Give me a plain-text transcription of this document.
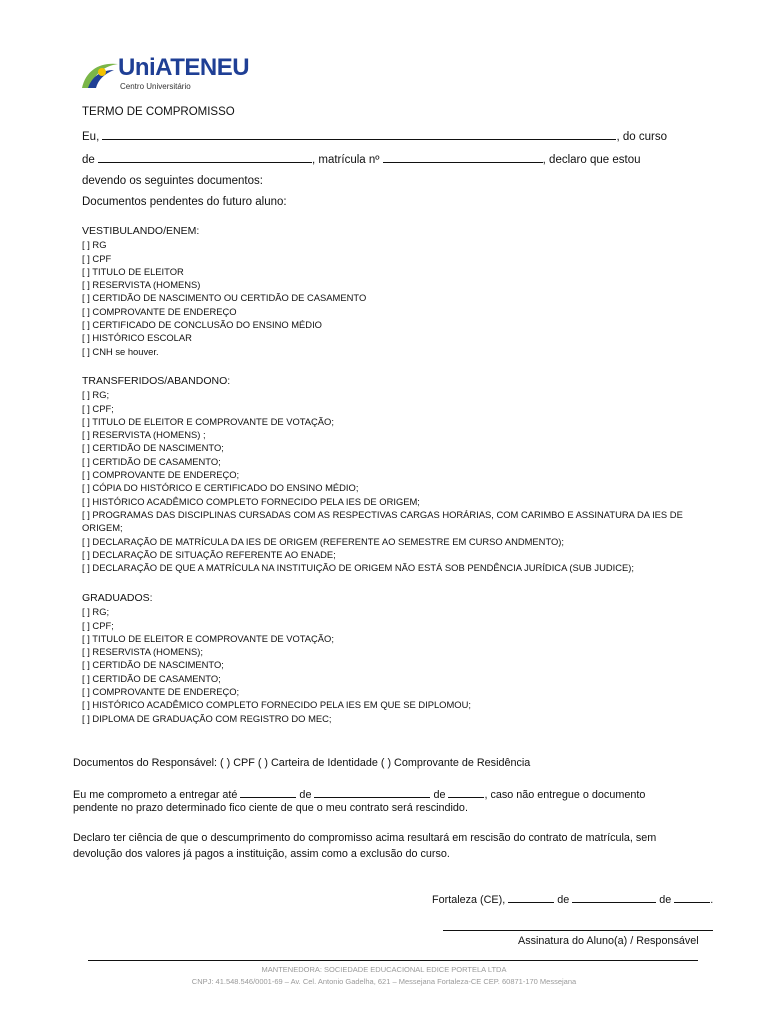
UniATENEU
Centro Universitário
TERMO DE COMPROMISSO
Eu,	, do curso
de	, matrícula nº	, declaro que estou
devendo os seguintes documentos:
Documentos pendentes do futuro aluno:
VESTIBULANDO/ENEM:
[ ] RG
[ ] CPF
[ ] TITULO DE ELEITOR
[ ] RESERVISTA (HOMENS)
[ ] CERTIDÃO DE NASCIMENTO OU CERTIDÃO DE CASAMENTO
[ ] COMPROVANTE DE ENDEREÇO
[ ] CERTIFICADO DE CONCLUSÃO DO ENSINO MÉDIO
[ ] HISTÓRICO ESCOLAR
[ ] CNH se houver.
TRANSFERIDOS/ABANDONO:
[ ] RG;
[ ] CPF;
[ ] TITULO DE ELEITOR E COMPROVANTE DE VOTAÇÃO;
[ ] RESERVISTA (HOMENS) ;
[ ] CERTIDÃO DE NASCIMENTO;
[ ] CERTIDÃO DE CASAMENTO;
[ ] COMPROVANTE DE ENDEREÇO;
[ ] CÓPIA DO HISTÓRICO E CERTIFICADO DO ENSINO MÉDIO;
[ ] HISTÓRICO ACADÊMICO COMPLETO FORNECIDO PELA IES DE ORIGEM;
[ ] PROGRAMAS DAS DISCIPLINAS CURSADAS COM AS RESPECTIVAS CARGAS HORÁRIAS, COM CARIMBO E ASSINATURA DA IES DE ORIGEM;
[ ] DECLARAÇÃO DE MATRÍCULA DA IES DE ORIGEM (REFERENTE AO SEMESTRE EM CURSO ANDMENTO);
[ ] DECLARAÇÃO DE SITUAÇÃO REFERENTE AO ENADE;
[ ] DECLARAÇÃO DE QUE A MATRÍCULA NA INSTITUIÇÃO DE ORIGEM NÃO ESTÁ SOB PENDÊNCIA JURÍDICA (SUB JUDICE);
GRADUADOS:
[ ] RG;
[ ] CPF;
[ ] TITULO DE ELEITOR E COMPROVANTE DE VOTAÇÃO;
[ ] RESERVISTA (HOMENS);
[ ] CERTIDÃO DE NASCIMENTO;
[ ] CERTIDÃO DE CASAMENTO;
[ ] COMPROVANTE DE ENDEREÇO;
[ ] HISTÓRICO ACADÊMICO COMPLETO FORNECIDO PELA IES EM QUE SE DIPLOMOU;
[ ] DIPLOMA DE GRADUAÇÃO COM REGISTRO DO MEC;
Documentos do Responsável: ( ) CPF ( ) Carteira de Identidade ( ) Comprovante de Residência
Eu me comprometo a entregar até	de	de	, caso não entregue o documento
pendente no prazo determinado fico ciente de que o meu contrato será rescindido.
Declaro ter ciência de que o descumprimento do compromisso acima resultará em rescisão do contrato de matrícula, sem
devolução dos valores já pagos a instituição, assim como a exclusão do curso.
Fortaleza (CE),	de	de	.
Assinatura do Aluno(a) / Responsável
MANTENEDORA: SOCIEDADE EDUCACIONAL EDICE PORTELA LTDA
CNPJ: 41.548.546/0001-69 – Av. Cel. Antonio Gadelha, 621 – Messejana Fortaleza-CE CEP. 60871-170 Messejana
